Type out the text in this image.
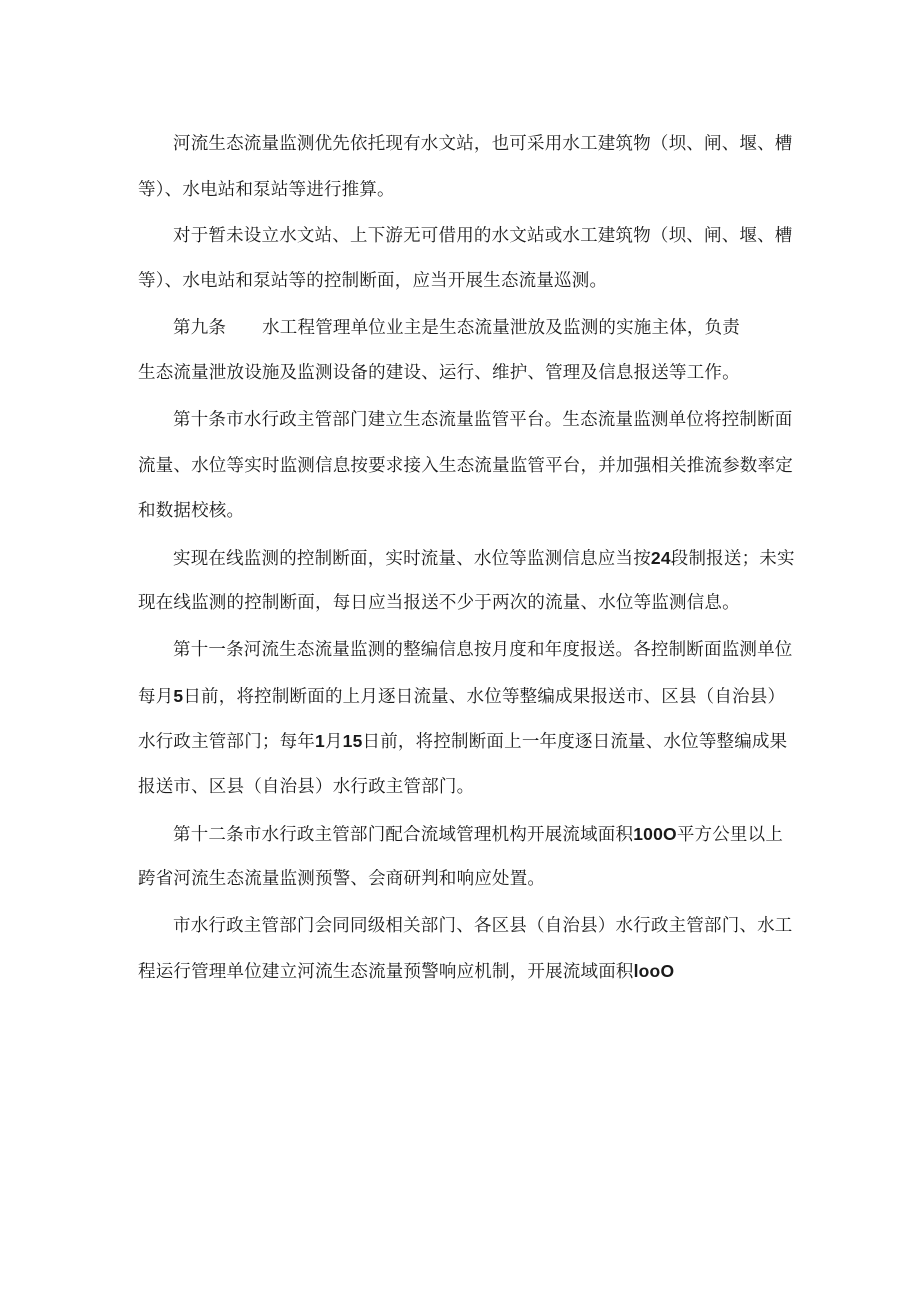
河流生态流量监测优先依托现有水文站，也可采用水工建筑物（坝、闸、堰、槽
等）、水电站和泵站等进行推算。
对于暂未设立水文站、上下游无可借用的水文站或水工建筑物（坝、闸、堰、槽
等）、水电站和泵站等的控制断面，应当开展生态流量巡测。
第九条 水工程管理单位业主是生态流量泄放及监测的实施主体，负责
生态流量泄放设施及监测设备的建设、运行、维护、管理及信息报送等工作。
第十条市水行政主管部门建立生态流量监管平台。生态流量监测单位将控制断面
流量、水位等实时监测信息按要求接入生态流量监管平台，并加强相关推流参数率定
和数据校核。
实现在线监测的控制断面，实时流量、水位等监测信息应当按24段制报送；未实
现在线监测的控制断面，每日应当报送不少于两次的流量、水位等监测信息。
第十一条河流生态流量监测的整编信息按月度和年度报送。各控制断面监测单位
每月5日前，将控制断面的上月逐日流量、水位等整编成果报送市、区县（自治县）
水行政主管部门；每年1月15日前，将控制断面上一年度逐日流量、水位等整编成果
报送市、区县（自治县）水行政主管部门。
第十二条市水行政主管部门配合流域管理机构开展流域面积100O平方公里以上
跨省河流生态流量监测预警、会商研判和响应处置。
市水行政主管部门会同同级相关部门、各区县（自治县）水行政主管部门、水工
程运行管理单位建立河流生态流量预警响应机制，开展流域面积looO
